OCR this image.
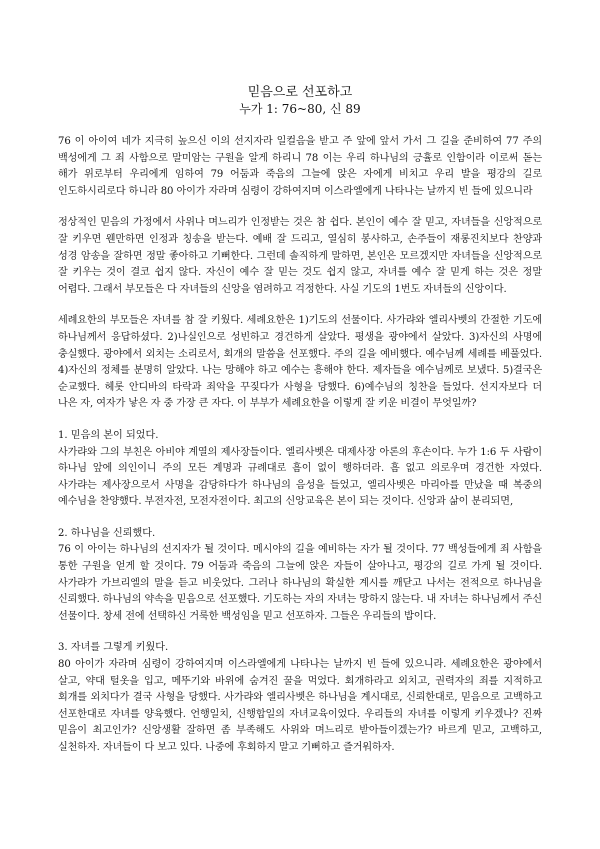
믿음으로 선포하고
누가 1: 76~80, 신 89

76 이 아이여 네가 지극히 높으신 이의 선지자라 일컬음을 받고 주 앞에 앞서 가서 그 길을 준비하여 77 주의 백성에게 그 죄 사함으로 말미암는 구원을 알게 하리니 78 이는 우리 하나님의 긍휼로 인함이라 이로써 돋는 해가 위로부터 우리에게 임하여 79 어둠과 죽음의 그늘에 앉은 자에게 비치고 우리 발을 평강의 길로 인도하시리로다 하니라 80 아이가 자라며 심령이 강하여지며 이스라엘에게 나타나는 날까지 빈 들에 있으니라

정상적인 믿음의 가정에서 사위나 며느리가 인정받는 것은 참 쉽다. 본인이 예수 잘 믿고, 자녀들을 신앙적으로 잘 키우면 웬만하면 인정과 칭송을 받는다. 예배 잘 드리고, 열심히 봉사하고, 손주들이 재롱진치보다 찬양과 성경 암송을 잘하면 정말 좋아하고 기뻐한다. 그런데 솔직하게 말하면, 본인은 모르겠지만 자녀들을 신앙적으로 잘 키우는 것이 결코 쉽지 않다. 자신이 예수 잘 믿는 것도 쉽지 않고, 자녀를 예수 잘 믿게 하는 것은 정말 어렵다. 그래서 부모들은 다 자녀들의 신앙을 염려하고 걱정한다. 사실 기도의 1번도 자녀들의 신앙이다.

세례요한의 부모들은 자녀를 참 잘 키웠다. 세례요한은 1)기도의 선물이다. 사가랴와 엘리사벳의 간절한 기도에 하나님께서 응답하셨다. 2)나실인으로 성빈하고 경건하게 살았다. 평생을 광야에서 살았다. 3)자신의 사명에 충실했다. 광야에서 외치는 소리로서, 회개의 말씀을 선포했다. 주의 길을 예비했다. 예수님께 세례를 베풀었다. 4)자신의 정체를 분명히 알았다. 나는 망해야 하고 예수는 흥해야 한다. 제자들을 예수님께로 보냈다. 5)결국은 순교했다. 헤롯 안디바의 타락과 죄악을 꾸짖다가 사형을 당했다. 6)예수님의 칭찬을 들었다. 선지자보다 더 나은 자, 여자가 낳은 자 중 가장 큰 자다. 이 부부가 세례요한을 이렇게 잘 키운 비결이 무엇일까?

1. 믿음의 본이 되었다.

사가랴와 그의 부친은 아비야 계열의 제사장들이다. 엘리사벳은 대제사장 아론의 후손이다. 누가 1:6 두 사람이 하나님 앞에 의인이니 주의 모든 계명과 규례대로 흠이 없이 행하더라. 흠 없고 의로우며 경건한 자였다. 사가랴는 제사장으로서 사명을 감당하다가 하나님의 음성을 들었고, 엘리사벳은 마리아를 만났을 때 복중의 예수님을 찬양했다. 부전자전, 모전자전이다. 최고의 신앙교육은 본이 되는 것이다. 신앙과 삶이 분리되면,

2. 하나님을 신뢰했다.

76 이 아이는 하나님의 선지자가 될 것이다. 메시야의 길을 예비하는 자가 될 것이다. 77 백성들에게 죄 사함을 통한 구원을 얻게 할 것이다. 79 어둠과 죽음의 그늘에 앉은 자들이 살아나고, 평강의 길로 가게 될 것이다. 사가랴가 가브리엘의 말을 듣고 비웃었다. 그러나 하나님의 확실한 계시를 깨닫고 나서는 전적으로 하나님을 신뢰했다. 하나님의 약속을 믿음으로 선포했다. 기도하는 자의 자녀는 망하지 않는다. 내 자녀는 하나님께서 주신 선물이다. 창세 전에 선택하신 거룩한 백성임을 믿고 선포하자. 그들은 우리들의 밥이다.

3. 자녀를 그렇게 키웠다.

80 아이가 자라며 심령이 강하여지며 이스라엘에게 나타나는 날까지 빈 들에 있으니라. 세례요한은 광야에서 살고, 약대 털옷을 입고, 메뚜기와 바위에 숨겨진 꿀을 먹었다. 회개하라고 외치고, 권력자의 죄를 지적하고 회개를 외치다가 결국 사형을 당했다. 사가랴와 엘리사벳은 하나님을 계시대로, 신뢰한대로, 믿음으로 고백하고 선포한대로 자녀를 양육했다. 언행일치, 신행합일의 자녀교육이었다. 우리들의 자녀를 이렇게 키우겠나? 진짜 믿음이 최고인가? 신앙생활 잘하면 좀 부족해도 사위와 며느리로 받아들이겠는가? 바르게 믿고, 고백하고, 실천하자. 자녀들이 다 보고 있다. 나중에 후회하지 말고 기뻐하고 즐거워하자.
